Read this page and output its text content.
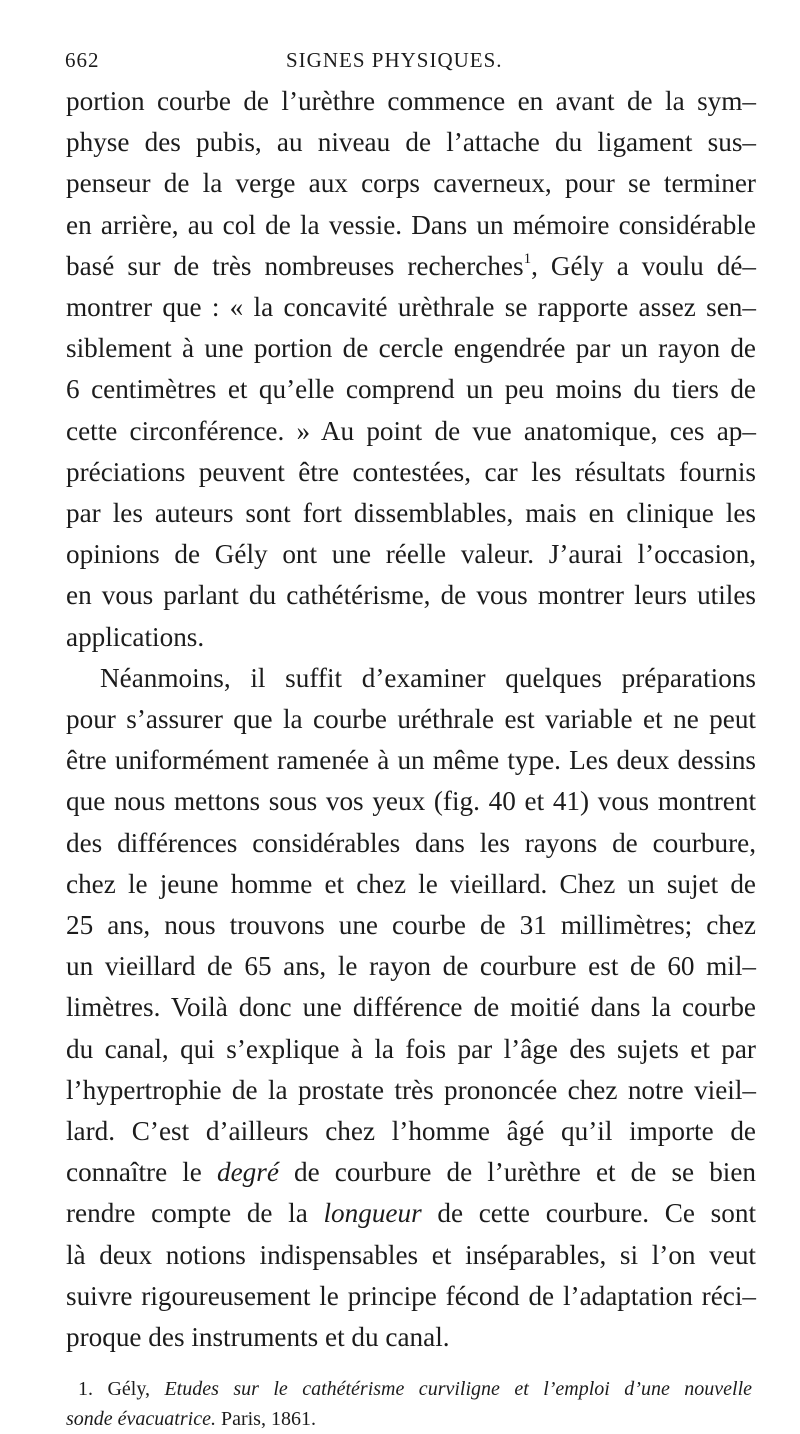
662	SIGNES PHYSIQUES.
portion courbe de l’urèthre commence en avant de la sym–
physe des pubis, au niveau de l’attache du ligament sus–
penseur de la verge aux corps caverneux, pour se terminer
en arrière, au col de la vessie. Dans un mémoire considérable
basé sur de très nombreuses recherches$^1$, Gély a voulu dé–
montrer que : « la concavité urèthrale se rapporte assez sen–
siblement à une portion de cercle engendrée par un rayon de
6 centimètres et qu’elle comprend un peu moins du tiers de
cette circonférence. » Au point de vue anatomique, ces ap–
préciations peuvent être contestées, car les résultats fournis
par les auteurs sont fort dissemblables, mais en clinique les
opinions de Gély ont une réelle valeur. J’aurai l’occasion,
en vous parlant du cathétérisme, de vous montrer leurs utiles
applications.
Néanmoins, il suffit d’examiner quelques préparations
pour s’assurer que la courbe uréthrale est variable et ne peut
être uniformément ramenée à un même type. Les deux dessins
que nous mettons sous vos yeux (fig. 40 et 41) vous montrent
des différences considérables dans les rayons de courbure,
chez le jeune homme et chez le vieillard. Chez un sujet de
25 ans, nous trouvons une courbe de 31 millimètres; chez
un vieillard de 65 ans, le rayon de courbure est de 60 mil–
limètres. Voilà donc une différence de moitié dans la courbe
du canal, qui s’explique à la fois par l’âge des sujets et par
l’hypertrophie de la prostate très prononcée chez notre vieil–
lard. C’est d’ailleurs chez l’homme âgé qu’il importe de
connaître le degré de courbure de l’urèthre et de se bien
rendre compte de la longueur de cette courbure. Ce sont
là deux notions indispensables et inséparables, si l’on veut
suivre rigoureusement le principe fécond de l’adaptation réci–
proque des instruments et du canal.
1. Gély, Etudes sur le cathétérisme curviligne et l’emploi d’une nouvelle
sonde évacuatrice. Paris, 1861.
